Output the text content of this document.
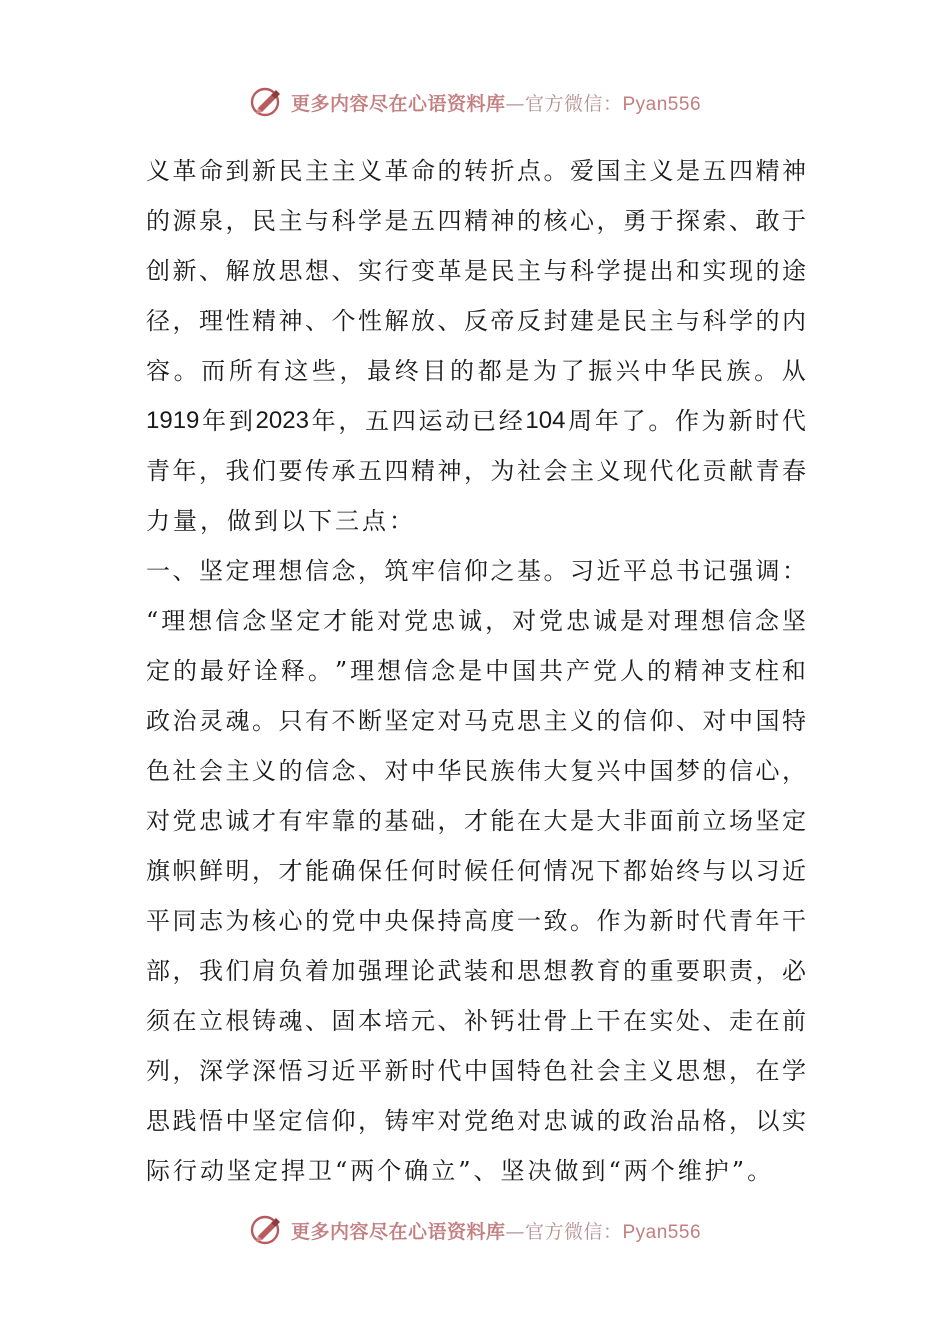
更多内容尽在心语资料库—官方微信：Pyan556
义 革 命 到 新 民 主 主 义 革 命 的 转 折 点 。 爱 国 主 义 是 五 四 精 神
的 源 泉 ， 民 主 与 科 学 是 五 四 精 神 的 核 心 ， 勇 于 探 索 、 敢 于
创 新 、 解 放 思 想 、 实 行 变 革 是 民 主 与 科 学 提 出 和 实 现 的 途
径 ， 理 性 精 神 、 个 性 解 放 、 反 帝 反 封 建 是 民 主 与 科 学 的 内
容 。 而 所 有 这 些 ， 最 终 目 的 都 是 为 了 振 兴 中 华 民 族 。 从
1919 年 到 2023 年 ， 五 四 运 动 已 经 104 周 年 了 。 作 为 新 时 代
青 年 ， 我 们 要 传 承 五 四 精 神 ， 为 社 会 主 义 现 代 化 贡 献 青 春
力量，做到以下三点：
一 、 坚 定 理 想 信 念 ， 筑 牢 信 仰 之 基 。 习 近 平 总 书 记 强 调 ：
“ 理 想 信 念 坚 定 才 能 对 党 忠 诚 ， 对 党 忠 诚 是 对 理 想 信 念 坚
定 的 最 好 诠 释 。 ” 理 想 信 念 是 中 国 共 产 党 人 的 精 神 支 柱 和
政 治 灵 魂 。 只 有 不 断 坚 定 对 马 克 思 主 义 的 信 仰 、 对 中 国 特
色 社 会 主 义 的 信 念 、 对 中 华 民 族 伟 大 复 兴 中 国 梦 的 信 心 ，
对 党 忠 诚 才 有 牢 靠 的 基 础 ， 才 能 在 大 是 大 非 面 前 立 场 坚 定
旗 帜 鲜 明 ， 才 能 确 保 任 何 时 候 任 何 情 况 下 都 始 终 与 以 习 近
平 同 志 为 核 心 的 党 中 央 保 持 高 度 一 致 。 作 为 新 时 代 青 年 干
部 ， 我 们 肩 负 着 加 强 理 论 武 装 和 思 想 教 育 的 重 要 职 责 ， 必
须 在 立 根 铸 魂 、 固 本 培 元 、 补 钙 壮 骨 上 干 在 实 处 、 走 在 前
列 ， 深 学 深 悟 习 近 平 新 时 代 中 国 特 色 社 会 主 义 思 想 ， 在 学
思 践 悟 中 坚 定 信 仰 ， 铸 牢 对 党 绝 对 忠 诚 的 政 治 品 格 ， 以 实
际行动坚定捍卫“两个确立”、坚决做到“两个维护”。
更多内容尽在心语资料库—官方微信：Pyan556
